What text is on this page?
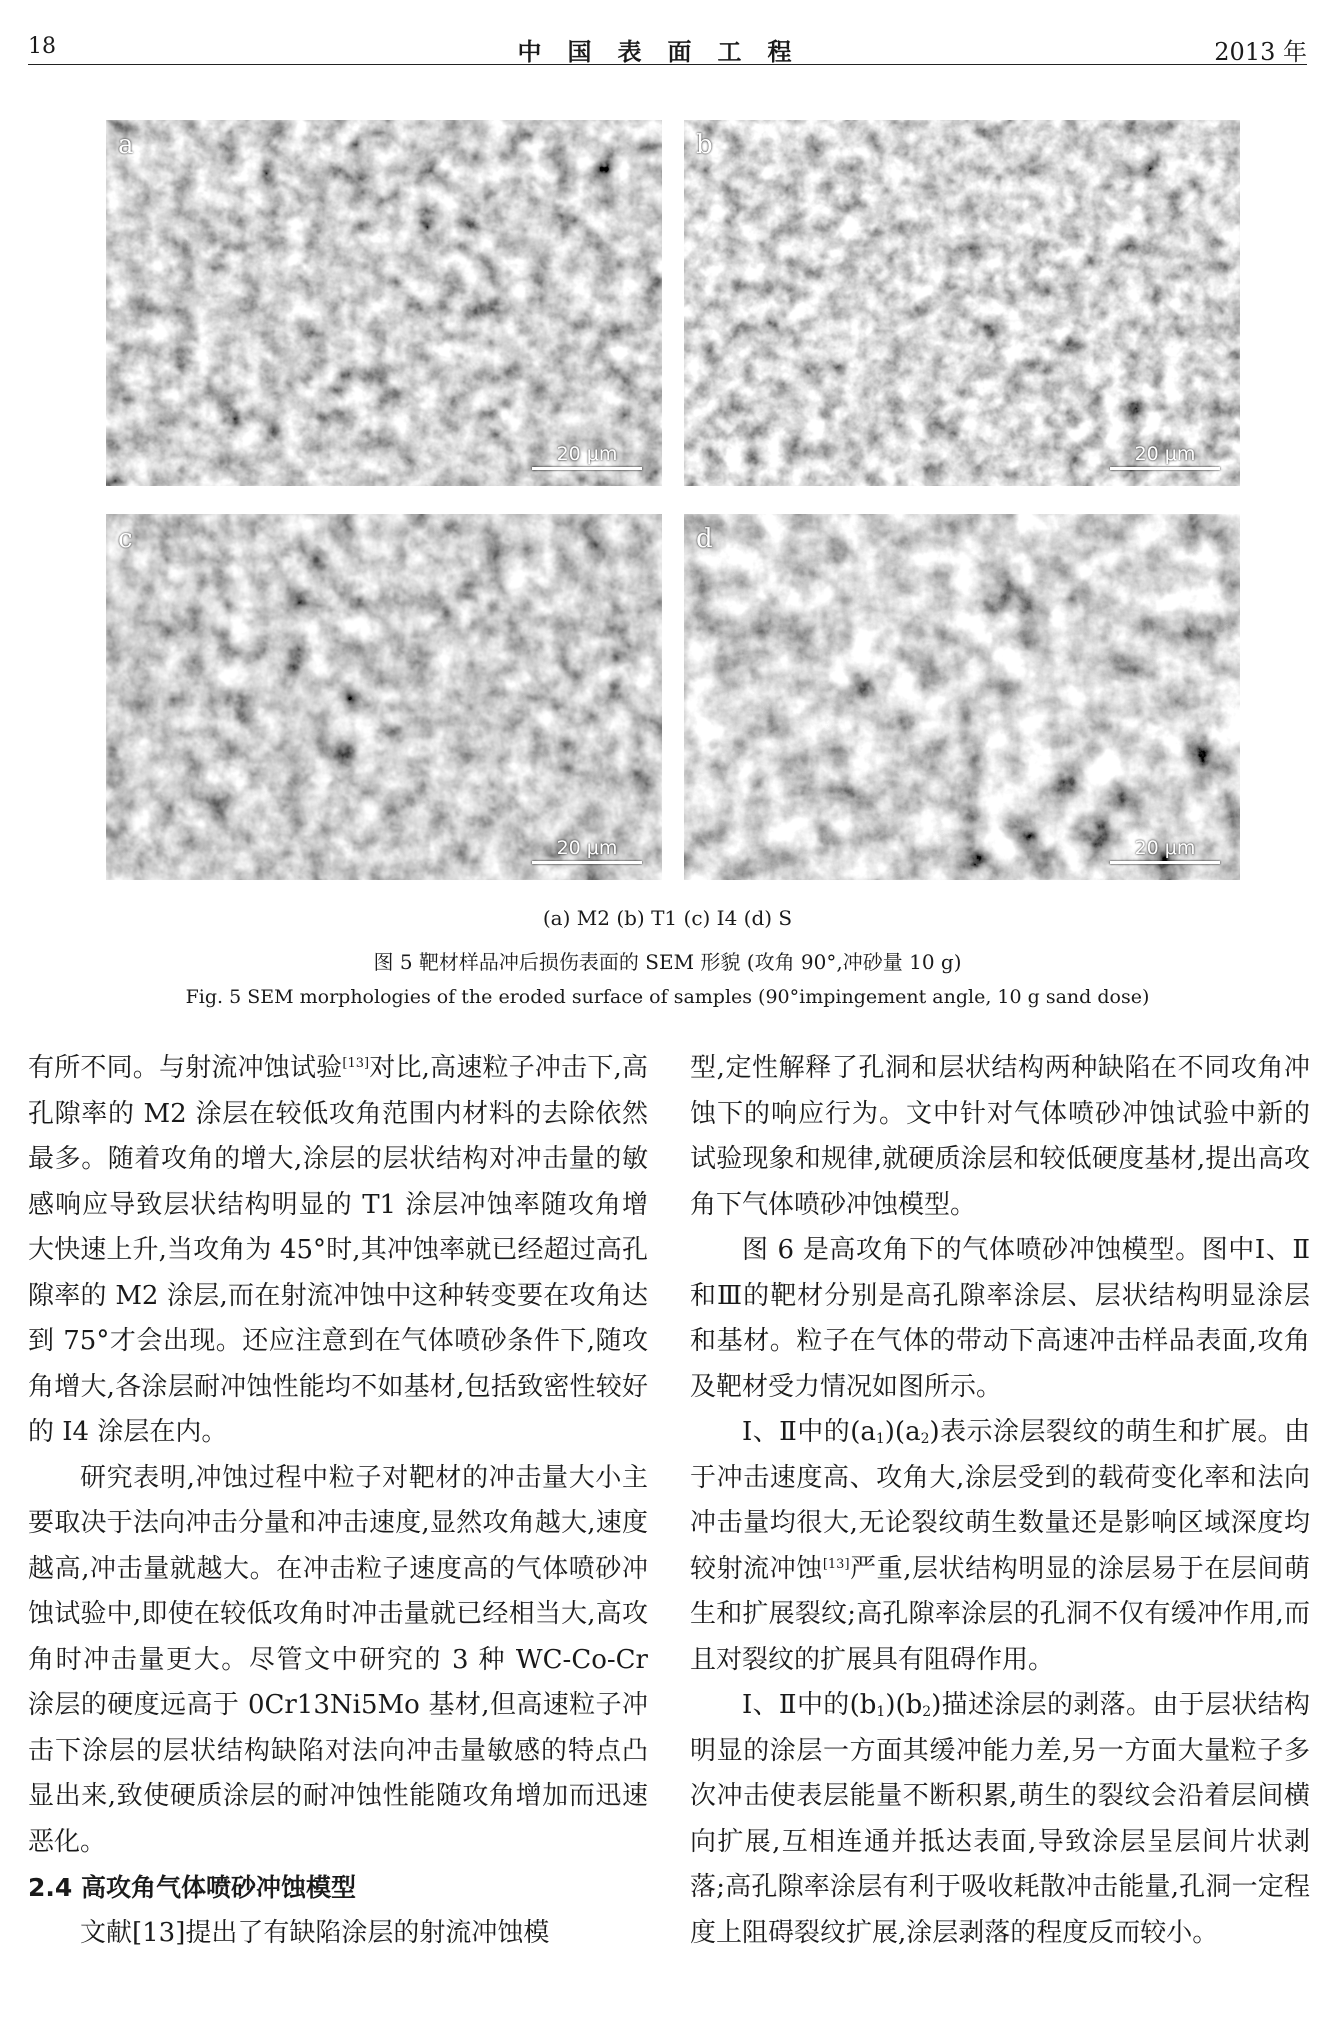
18	中国表面工程	2013 年
a
20 μm
b
20 μm
c
20 μm
d
20 μm
(a) M2 (b) T1 (c) I4 (d) S
图 5 靶材样品冲后损伤表面的 SEM 形貌 (攻角 90°,冲砂量 10 g)
Fig. 5 SEM morphologies of the eroded surface of samples (90°impingement angle, 10 g sand dose)

有所不同。与射流冲蚀试验[13]对比,高速粒子冲击下,高孔隙率的 M2 涂层在较低攻角范围内材料的去除依然最多。随着攻角的增大,涂层的层状结构对冲击量的敏感响应导致层状结构明显的 T1 涂层冲蚀率随攻角增大快速上升,当攻角为 45°时,其冲蚀率就已经超过高孔隙率的 M2 涂层,而在射流冲蚀中这种转变要在攻角达到 75°才会出现。还应注意到在气体喷砂条件下,随攻角增大,各涂层耐冲蚀性能均不如基材,包括致密性较好的 I4 涂层在内。

研究表明,冲蚀过程中粒子对靶材的冲击量大小主要取决于法向冲击分量和冲击速度,显然攻角越大,速度越高,冲击量就越大。在冲击粒子速度高的气体喷砂冲蚀试验中,即使在较低攻角时冲击量就已经相当大,高攻角时冲击量更大。尽管文中研究的 3 种 WC-Co-Cr 涂层的硬度远高于 0Cr13Ni5Mo 基材,但高速粒子冲击下涂层的层状结构缺陷对法向冲击量敏感的特点凸显出来,致使硬质涂层的耐冲蚀性能随攻角增加而迅速恶化。

2.4 高攻角气体喷砂冲蚀模型

文献[13]提出了有缺陷涂层的射流冲蚀模

型,定性解释了孔洞和层状结构两种缺陷在不同攻角冲蚀下的响应行为。文中针对气体喷砂冲蚀试验中新的试验现象和规律,就硬质涂层和较低硬度基材,提出高攻角下气体喷砂冲蚀模型。

图 6 是高攻角下的气体喷砂冲蚀模型。图中Ⅰ、Ⅱ和Ⅲ的靶材分别是高孔隙率涂层、层状结构明显涂层和基材。粒子在气体的带动下高速冲击样品表面,攻角及靶材受力情况如图所示。

Ⅰ、Ⅱ中的$(a_1)(a_2)$表示涂层裂纹的萌生和扩展。由于冲击速度高、攻角大,涂层受到的载荷变化率和法向冲击量均很大,无论裂纹萌生数量还是影响区域深度均较射流冲蚀[13]严重,层状结构明显的涂层易于在层间萌生和扩展裂纹;高孔隙率涂层的孔洞不仅有缓冲作用,而且对裂纹的扩展具有阻碍作用。

Ⅰ、Ⅱ中的$(b_1)(b_2)$描述涂层的剥落。由于层状结构明显的涂层一方面其缓冲能力差,另一方面大量粒子多次冲击使表层能量不断积累,萌生的裂纹会沿着层间横向扩展,互相连通并抵达表面,导致涂层呈层间片状剥落;高孔隙率涂层有利于吸收耗散冲击能量,孔洞一定程度上阻碍裂纹扩展,涂层剥落的程度反而较小。
